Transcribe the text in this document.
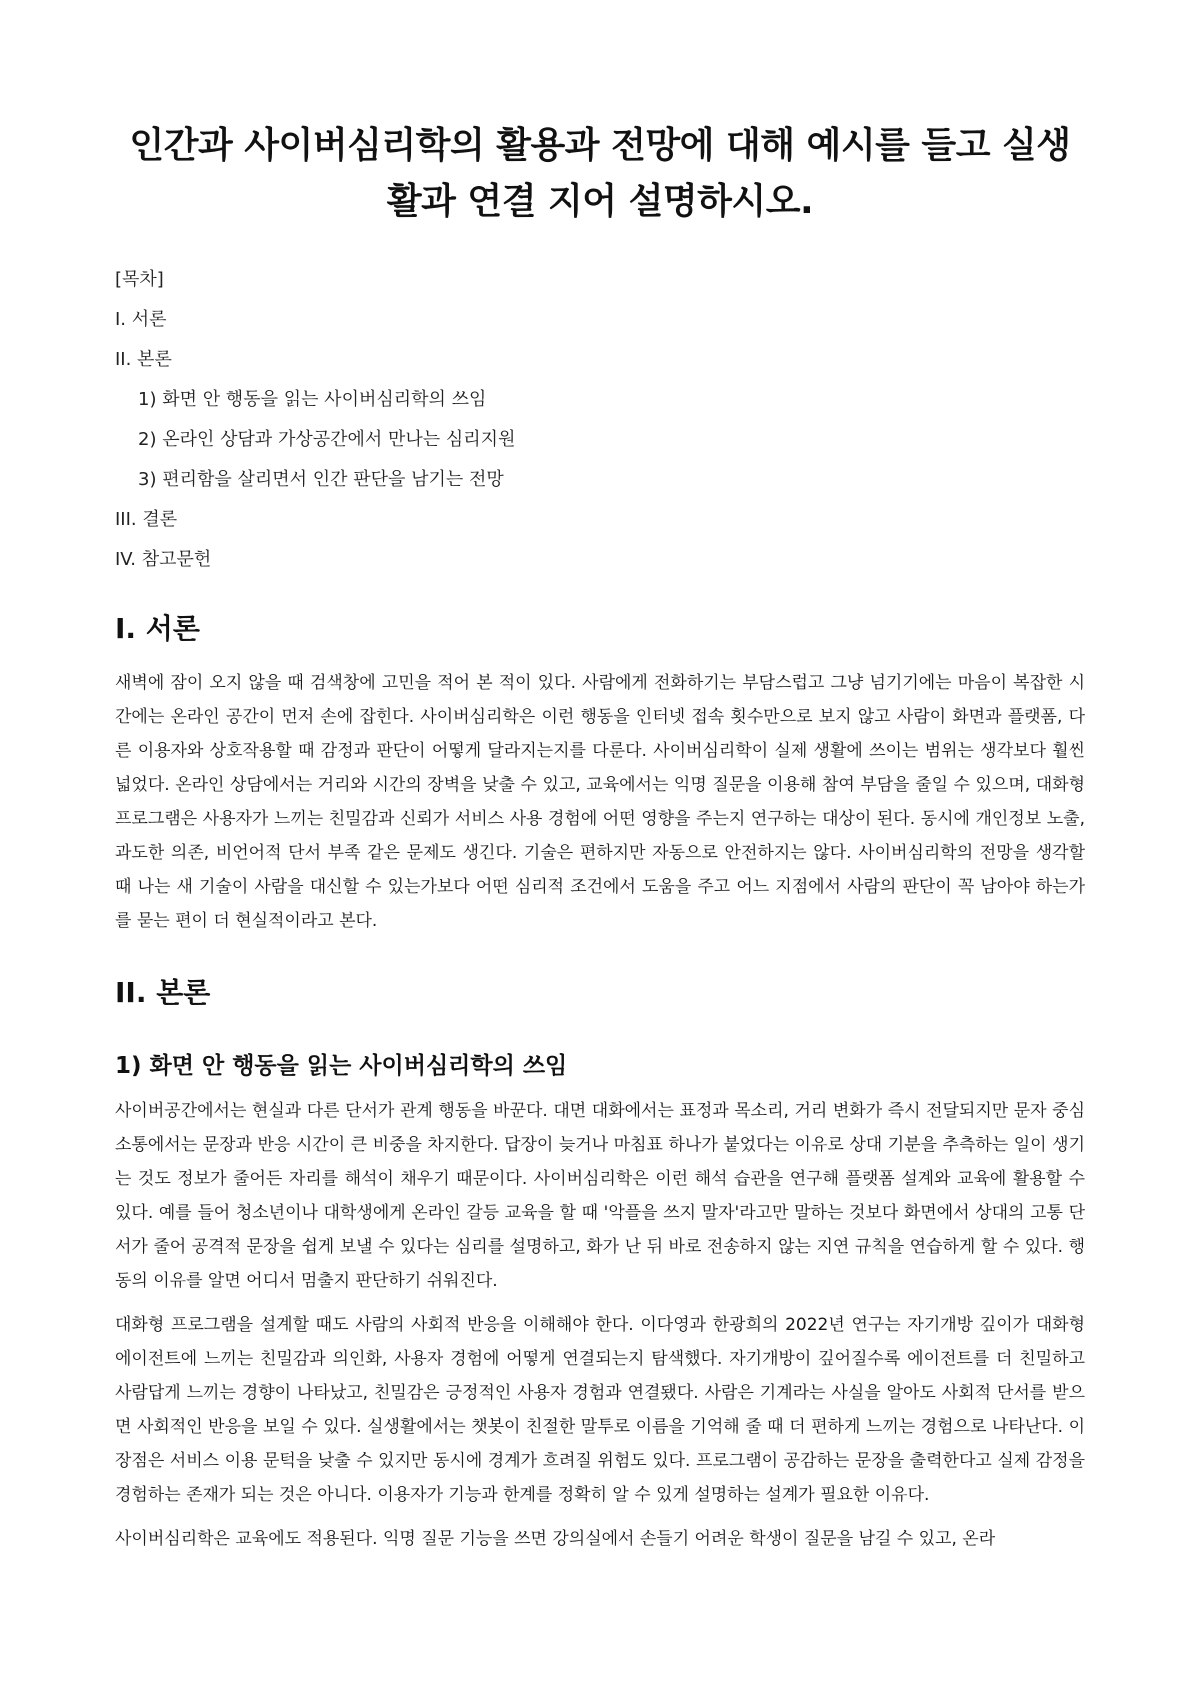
인간과 사이버심리학의 활용과 전망에 대해 예시를 들고 실생활과 연결 지어 설명하시오.
[목차]
I. 서론
II. 본론
1) 화면 안 행동을 읽는 사이버심리학의 쓰임
2) 온라인 상담과 가상공간에서 만나는 심리지원
3) 편리함을 살리면서 인간 판단을 남기는 전망
III. 결론
IV. 참고문헌
I. 서론

새벽에 잠이 오지 않을 때 검색창에 고민을 적어 본 적이 있다. 사람에게 전화하기는 부담스럽고 그냥 넘기기에는 마음이 복잡한 시간에는 온라인 공간이 먼저 손에 잡힌다. 사이버심리학은 이런 행동을 인터넷 접속 횟수만으로 보지 않고 사람이 화면과 플랫폼, 다른 이용자와 상호작용할 때 감정과 판단이 어떻게 달라지는지를 다룬다. 사이버심리학이 실제 생활에 쓰이는 범위는 생각보다 훨씬 넓었다. 온라인 상담에서는 거리와 시간의 장벽을 낮출 수 있고, 교육에서는 익명 질문을 이용해 참여 부담을 줄일 수 있으며, 대화형 프로그램은 사용자가 느끼는 친밀감과 신뢰가 서비스 사용 경험에 어떤 영향을 주는지 연구하는 대상이 된다. 동시에 개인정보 노출, 과도한 의존, 비언어적 단서 부족 같은 문제도 생긴다. 기술은 편하지만 자동으로 안전하지는 않다. 사이버심리학의 전망을 생각할 때 나는 새 기술이 사람을 대신할 수 있는가보다 어떤 심리적 조건에서 도움을 주고 어느 지점에서 사람의 판단이 꼭 남아야 하는가를 묻는 편이 더 현실적이라고 본다.

II. 본론
1) 화면 안 행동을 읽는 사이버심리학의 쓰임

사이버공간에서는 현실과 다른 단서가 관계 행동을 바꾼다. 대면 대화에서는 표정과 목소리, 거리 변화가 즉시 전달되지만 문자 중심 소통에서는 문장과 반응 시간이 큰 비중을 차지한다. 답장이 늦거나 마침표 하나가 붙었다는 이유로 상대 기분을 추측하는 일이 생기는 것도 정보가 줄어든 자리를 해석이 채우기 때문이다. 사이버심리학은 이런 해석 습관을 연구해 플랫폼 설계와 교육에 활용할 수 있다. 예를 들어 청소년이나 대학생에게 온라인 갈등 교육을 할 때 '악플을 쓰지 말자'라고만 말하는 것보다 화면에서 상대의 고통 단서가 줄어 공격적 문장을 쉽게 보낼 수 있다는 심리를 설명하고, 화가 난 뒤 바로 전송하지 않는 지연 규칙을 연습하게 할 수 있다. 행동의 이유를 알면 어디서 멈출지 판단하기 쉬워진다.

대화형 프로그램을 설계할 때도 사람의 사회적 반응을 이해해야 한다. 이다영과 한광희의 2022년 연구는 자기개방 깊이가 대화형 에이전트에 느끼는 친밀감과 의인화, 사용자 경험에 어떻게 연결되는지 탐색했다. 자기개방이 깊어질수록 에이전트를 더 친밀하고 사람답게 느끼는 경향이 나타났고, 친밀감은 긍정적인 사용자 경험과 연결됐다. 사람은 기계라는 사실을 알아도 사회적 단서를 받으면 사회적인 반응을 보일 수 있다. 실생활에서는 챗봇이 친절한 말투로 이름을 기억해 줄 때 더 편하게 느끼는 경험으로 나타난다. 이 장점은 서비스 이용 문턱을 낮출 수 있지만 동시에 경계가 흐려질 위험도 있다. 프로그램이 공감하는 문장을 출력한다고 실제 감정을 경험하는 존재가 되는 것은 아니다. 이용자가 기능과 한계를 정확히 알 수 있게 설명하는 설계가 필요한 이유다.

사이버심리학은 교육에도 적용된다. 익명 질문 기능을 쓰면 강의실에서 손들기 어려운 학생이 질문을 남길 수 있고, 온라
